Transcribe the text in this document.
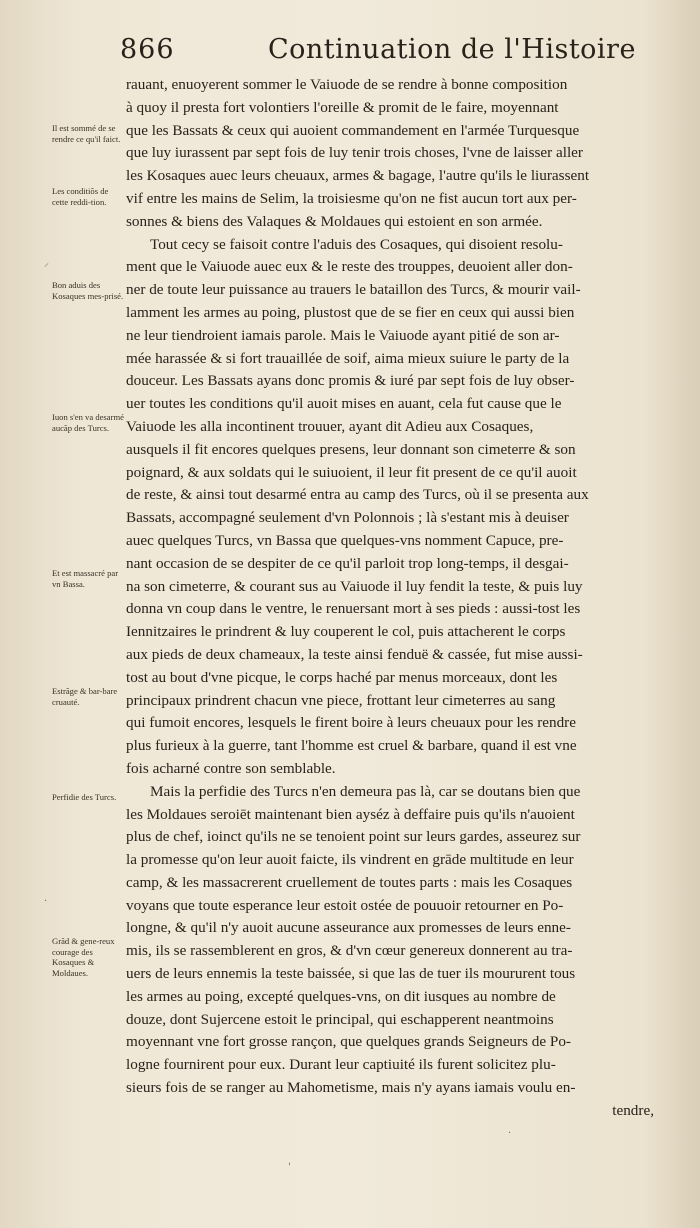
866	Continuation de l'Histoire
rauant, enuoyerent sommer le Vaiuode de se rendre à bonne composition
à quoy il presta fort volontiers l'oreille & promit de le faire, moyennant
que les Bassats & ceux qui auoient commandement en l'armée Turquesque
que luy iurassent par sept fois de luy tenir trois choses, l'vne de laisser aller
les Kosaques auec leurs cheuaux, armes & bagage, l'autre qu'ils le liurassent
vif entre les mains de Selim, la troisiesme qu'on ne fist aucun tort aux per-
sonnes & biens des Valaques & Moldaues qui estoient en son armée.
Tout cecy se faisoit contre l'aduis des Cosaques, qui disoient resolu-
ment que le Vaiuode auec eux & le reste des trouppes, deuoient aller don-
ner de toute leur puissance au trauers le bataillon des Turcs, & mourir vail-
lamment les armes au poing, plustost que de se fier en ceux qui aussi bien
ne leur tiendroient iamais parole. Mais le Vaiuode ayant pitié de son ar-
mée harassée & si fort trauaillée de soif, aima mieux suiure le party de la
douceur. Les Bassats ayans donc promis & iuré par sept fois de luy obser-
uer toutes les conditions qu'il auoit mises en auant, cela fut cause que le
Vaiuode les alla incontinent trouuer, ayant dit Adieu aux Cosaques,
ausquels il fit encores quelques presens, leur donnant son cimeterre & son
poignard, & aux soldats qui le suiuoient, il leur fit present de ce qu'il auoit
de reste, & ainsi tout desarmé entra au camp des Turcs, où il se presenta aux
Bassats, accompagné seulement d'vn Polonnois ; là s'estant mis à deuiser
auec quelques Turcs, vn Bassa que quelques-vns nomment Capuce, pre-
nant occasion de se despiter de ce qu'il parloit trop long-temps, il desgai-
na son cimeterre, & courant sus au Vaiuode il luy fendit la teste, & puis luy
donna vn coup dans le ventre, le renuersant mort à ses pieds : aussi-tost les
Iennitzaires le prindrent & luy couperent le col, puis attacherent le corps
aux pieds de deux chameaux, la teste ainsi fenduë & cassée, fut mise aussi-
tost au bout d'vne picque, le corps haché par menus morceaux, dont les
principaux prindrent chacun vne piece, frottant leur cimeterres au sang
qui fumoit encores, lesquels le firent boire à leurs cheuaux pour les rendre
plus furieux à la guerre, tant l'homme est cruel & barbare, quand il est vne
fois acharné contre son semblable.
Mais la perfidie des Turcs n'en demeura pas là, car se doutans bien que
les Moldaues seroiēt maintenant bien ayséz à deffaire puis qu'ils n'auoient
plus de chef, ioinct qu'ils ne se tenoient point sur leurs gardes, asseurez sur
la promesse qu'on leur auoit faicte, ils vindrent en grāde multitude en leur
camp, & les massacrerent cruellement de toutes parts : mais les Cosaques
voyans que toute esperance leur estoit ostée de pouuoir retourner en Po-
longne, & qu'il n'y auoit aucune asseurance aux promesses de leurs enne-
mis, ils se rassemblerent en gros, & d'vn cœur genereux donnerent au tra-
uers de leurs ennemis la teste baissée, si que las de tuer ils moururent tous
les armes au poing, excepté quelques-vns, on dit iusques au nombre de
douze, dont Sujercene estoit le principal, qui eschapperent neantmoins
moyennant vne fort grosse rançon, que quelques grands Seigneurs de Po-
logne fournirent pour eux. Durant leur captiuité ils furent solicitez plu-
sieurs fois de se ranger au Mahometisme, mais n'y ayans iamais voulu en-
tendre,
Il est sommé de se rendre ce qu'il faict.
Les conditiõs de cette reddi-tion.
Bon aduis des Kosaques mes-prisé.
Iuon s'en va desarmé aucãp des Turcs.
Et est massacré par vn Bassa.
Estrãge & bar-bare cruauté.
Perfidie des Turcs.
Grãd & gene-reux courage des Kosaques & Moldaues.
⸝
·
·
'
